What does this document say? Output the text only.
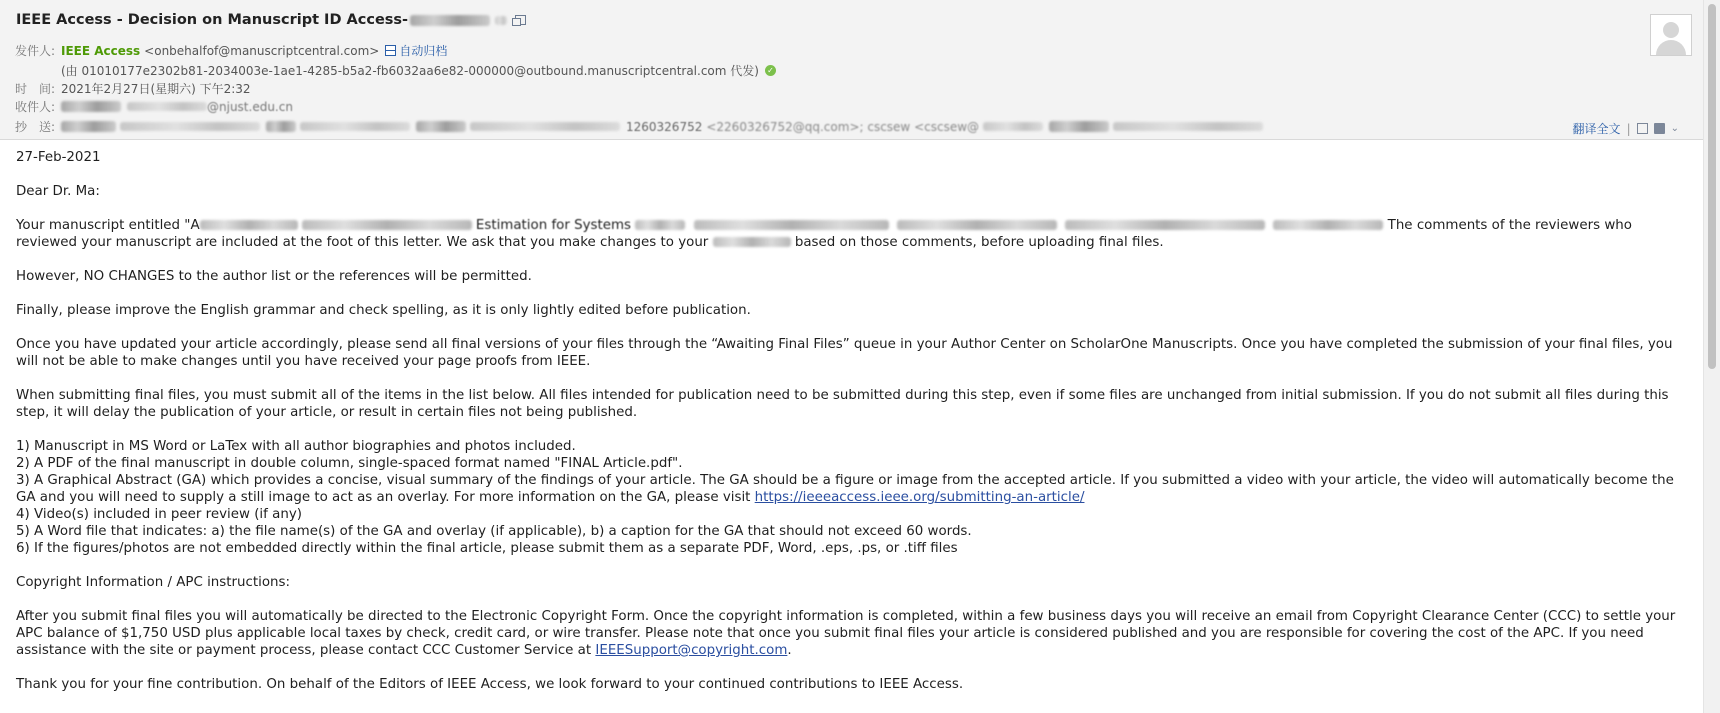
IEEE Access - Decision on Manuscript ID Access-
发件人: IEEE Access <onbehalfof@manuscriptcentral.com> 自动归档
(由 01010177e2302b81-2034003e-1ae1-4285-b5a2-fb6032aa6e82-000000@outbound.manuscriptcentral.com 代发) ✓
时　间: 2021年2月27日(星期六) 下午2:32
收件人:	@njust.edu.cn
抄　送:	1260326752 <2260326752@qq.com>; cscsew <cscsew@	翻译全文 |	⌄

27-Feb-2021

Dear Dr. Ma:

Your manuscript entitled "A	Estimation for Systems	The comments of the reviewers who reviewed your manuscript are included at the foot of this letter. We ask that you make changes to your	based on those comments, before uploading final files.

However, NO CHANGES to the author list or the references will be permitted.

Finally, please improve the English grammar and check spelling, as it is only lightly edited before publication.

Once you have updated your article accordingly, please send all final versions of your files through the “Awaiting Final Files” queue in your Author Center on ScholarOne Manuscripts. Once you have completed the submission of your final files, you will not be able to make changes until you have received your page proofs from IEEE.

When submitting final files, you must submit all of the items in the list below. All files intended for publication need to be submitted during this step, even if some files are unchanged from initial submission. If you do not submit all files during this step, it will delay the publication of your article, or result in certain files not being published.

1) Manuscript in MS Word or LaTex with all author biographies and photos included.
2) A PDF of the final manuscript in double column, single-spaced format named "FINAL Article.pdf".
3) A Graphical Abstract (GA) which provides a concise, visual summary of the findings of your article. The GA should be a figure or image from the accepted article. If you submitted a video with your article, the video will automatically become the GA and you will need to supply a still image to act as an overlay. For more information on the GA, please visit https://ieeeaccess.ieee.org/submitting-an-article/
4) Video(s) included in peer review (if any)
5) A Word file that indicates: a) the file name(s) of the GA and overlay (if applicable), b) a caption for the GA that should not exceed 60 words.
6) If the figures/photos are not embedded directly within the final article, please submit them as a separate PDF, Word, .eps, .ps, or .tiff files

Copyright Information / APC instructions:

After you submit final files you will automatically be directed to the Electronic Copyright Form. Once the copyright information is completed, within a few business days you will receive an email from Copyright Clearance Center (CCC) to settle your APC balance of $1,750 USD plus applicable local taxes by check, credit card, or wire transfer. Please note that once you submit final files your article is considered published and you are responsible for covering the cost of the APC. If you need assistance with the site or payment process, please contact CCC Customer Service at IEEESupport@copyright.com.

Thank you for your fine contribution. On behalf of the Editors of IEEE Access, we look forward to your continued contributions to IEEE Access.
